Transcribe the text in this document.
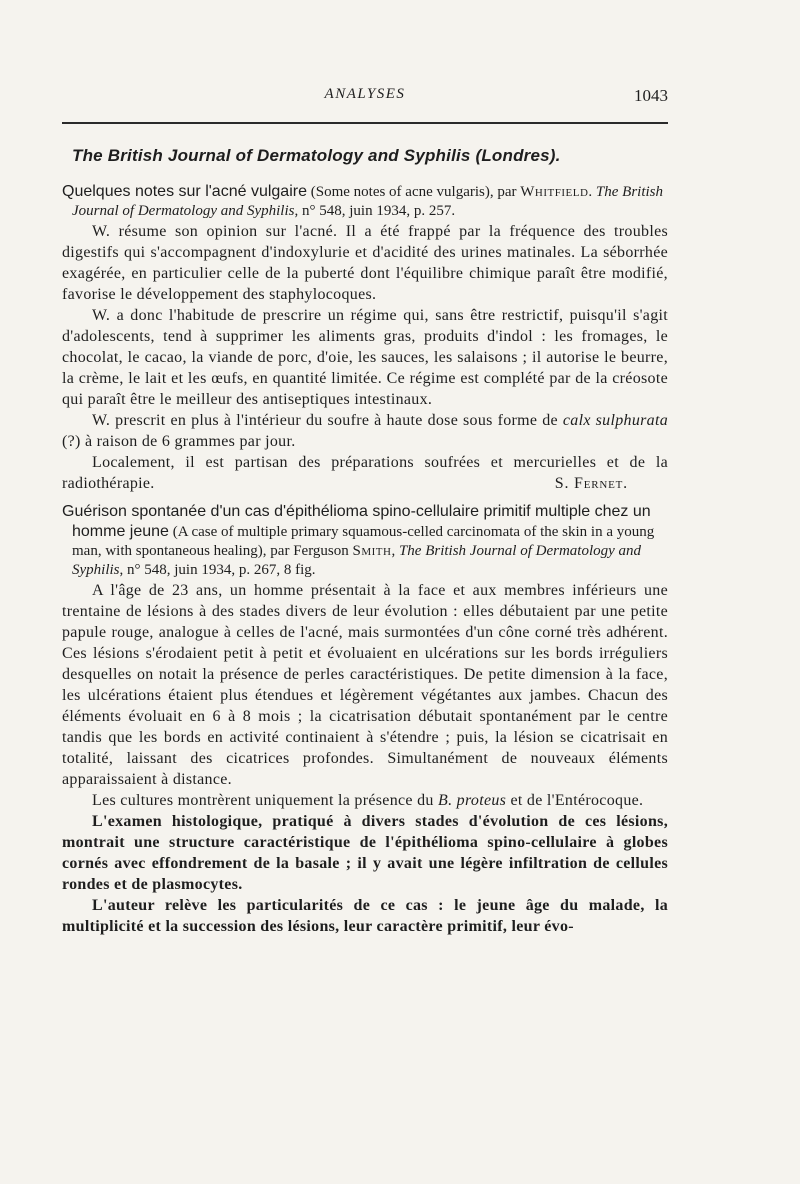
ANALYSES	1043
The British Journal of Dermatology and Syphilis (Londres).
Quelques notes sur l'acné vulgaire (Some notes of acne vulgaris), par Whitfield. The British Journal of Dermatology and Syphilis, n° 548, juin 1934, p. 257.

W. résume son opinion sur l'acné. Il a été frappé par la fréquence des troubles digestifs qui s'accompagnent d'indoxylurie et d'acidité des urines matinales. La séborrhée exagérée, en particulier celle de la puberté dont l'équilibre chimique paraît être modifié, favorise le développement des staphylocoques.

W. a donc l'habitude de prescrire un régime qui, sans être restrictif, puisqu'il s'agit d'adolescents, tend à supprimer les aliments gras, produits d'indol : les fromages, le chocolat, le cacao, la viande de porc, d'oie, les sauces, les salaisons ; il autorise le beurre, la crème, le lait et les œufs, en quantité limitée. Ce régime est complété par de la créosote qui paraît être le meilleur des antiseptiques intestinaux.

W. prescrit en plus à l'intérieur du soufre à haute dose sous forme de calx sulphurata (?) à raison de 6 grammes par jour.

Localement, il est partisan des préparations soufrées et mercurielles et de la radiothérapie.	S. Fernet.

Guérison spontanée d'un cas d'épithélioma spino-cellulaire primitif multiple chez un homme jeune (A case of multiple primary squamous-celled carcinomata of the skin in a young man, with spontaneous healing), par Ferguson Smith, The British Journal of Dermatology and Syphilis, n° 548, juin 1934, p. 267, 8 fig.

A l'âge de 23 ans, un homme présentait à la face et aux membres inférieurs une trentaine de lésions à des stades divers de leur évolution : elles débutaient par une petite papule rouge, analogue à celles de l'acné, mais surmontées d'un cône corné très adhérent. Ces lésions s'érodaient petit à petit et évoluaient en ulcérations sur les bords irréguliers desquelles on notait la présence de perles caractéristiques. De petite dimension à la face, les ulcérations étaient plus étendues et légèrement végétantes aux jambes. Chacun des éléments évoluait en 6 à 8 mois ; la cicatrisation débutait spontanément par le centre tandis que les bords en activité continaient à s'étendre ; puis, la lésion se cicatrisait en totalité, laissant des cicatrices profondes. Simultanément de nouveaux éléments apparaissaient à distance.

Les cultures montrèrent uniquement la présence du B. proteus et de l'Entérocoque.

L'examen histologique, pratiqué à divers stades d'évolution de ces lésions, montrait une structure caractéristique de l'épithélioma spino-cellulaire à globes cornés avec effondrement de la basale ; il y avait une légère infiltration de cellules rondes et de plasmocytes.

L'auteur relève les particularités de ce cas : le jeune âge du malade, la multiplicité et la succession des lésions, leur caractère primitif, leur évo-
